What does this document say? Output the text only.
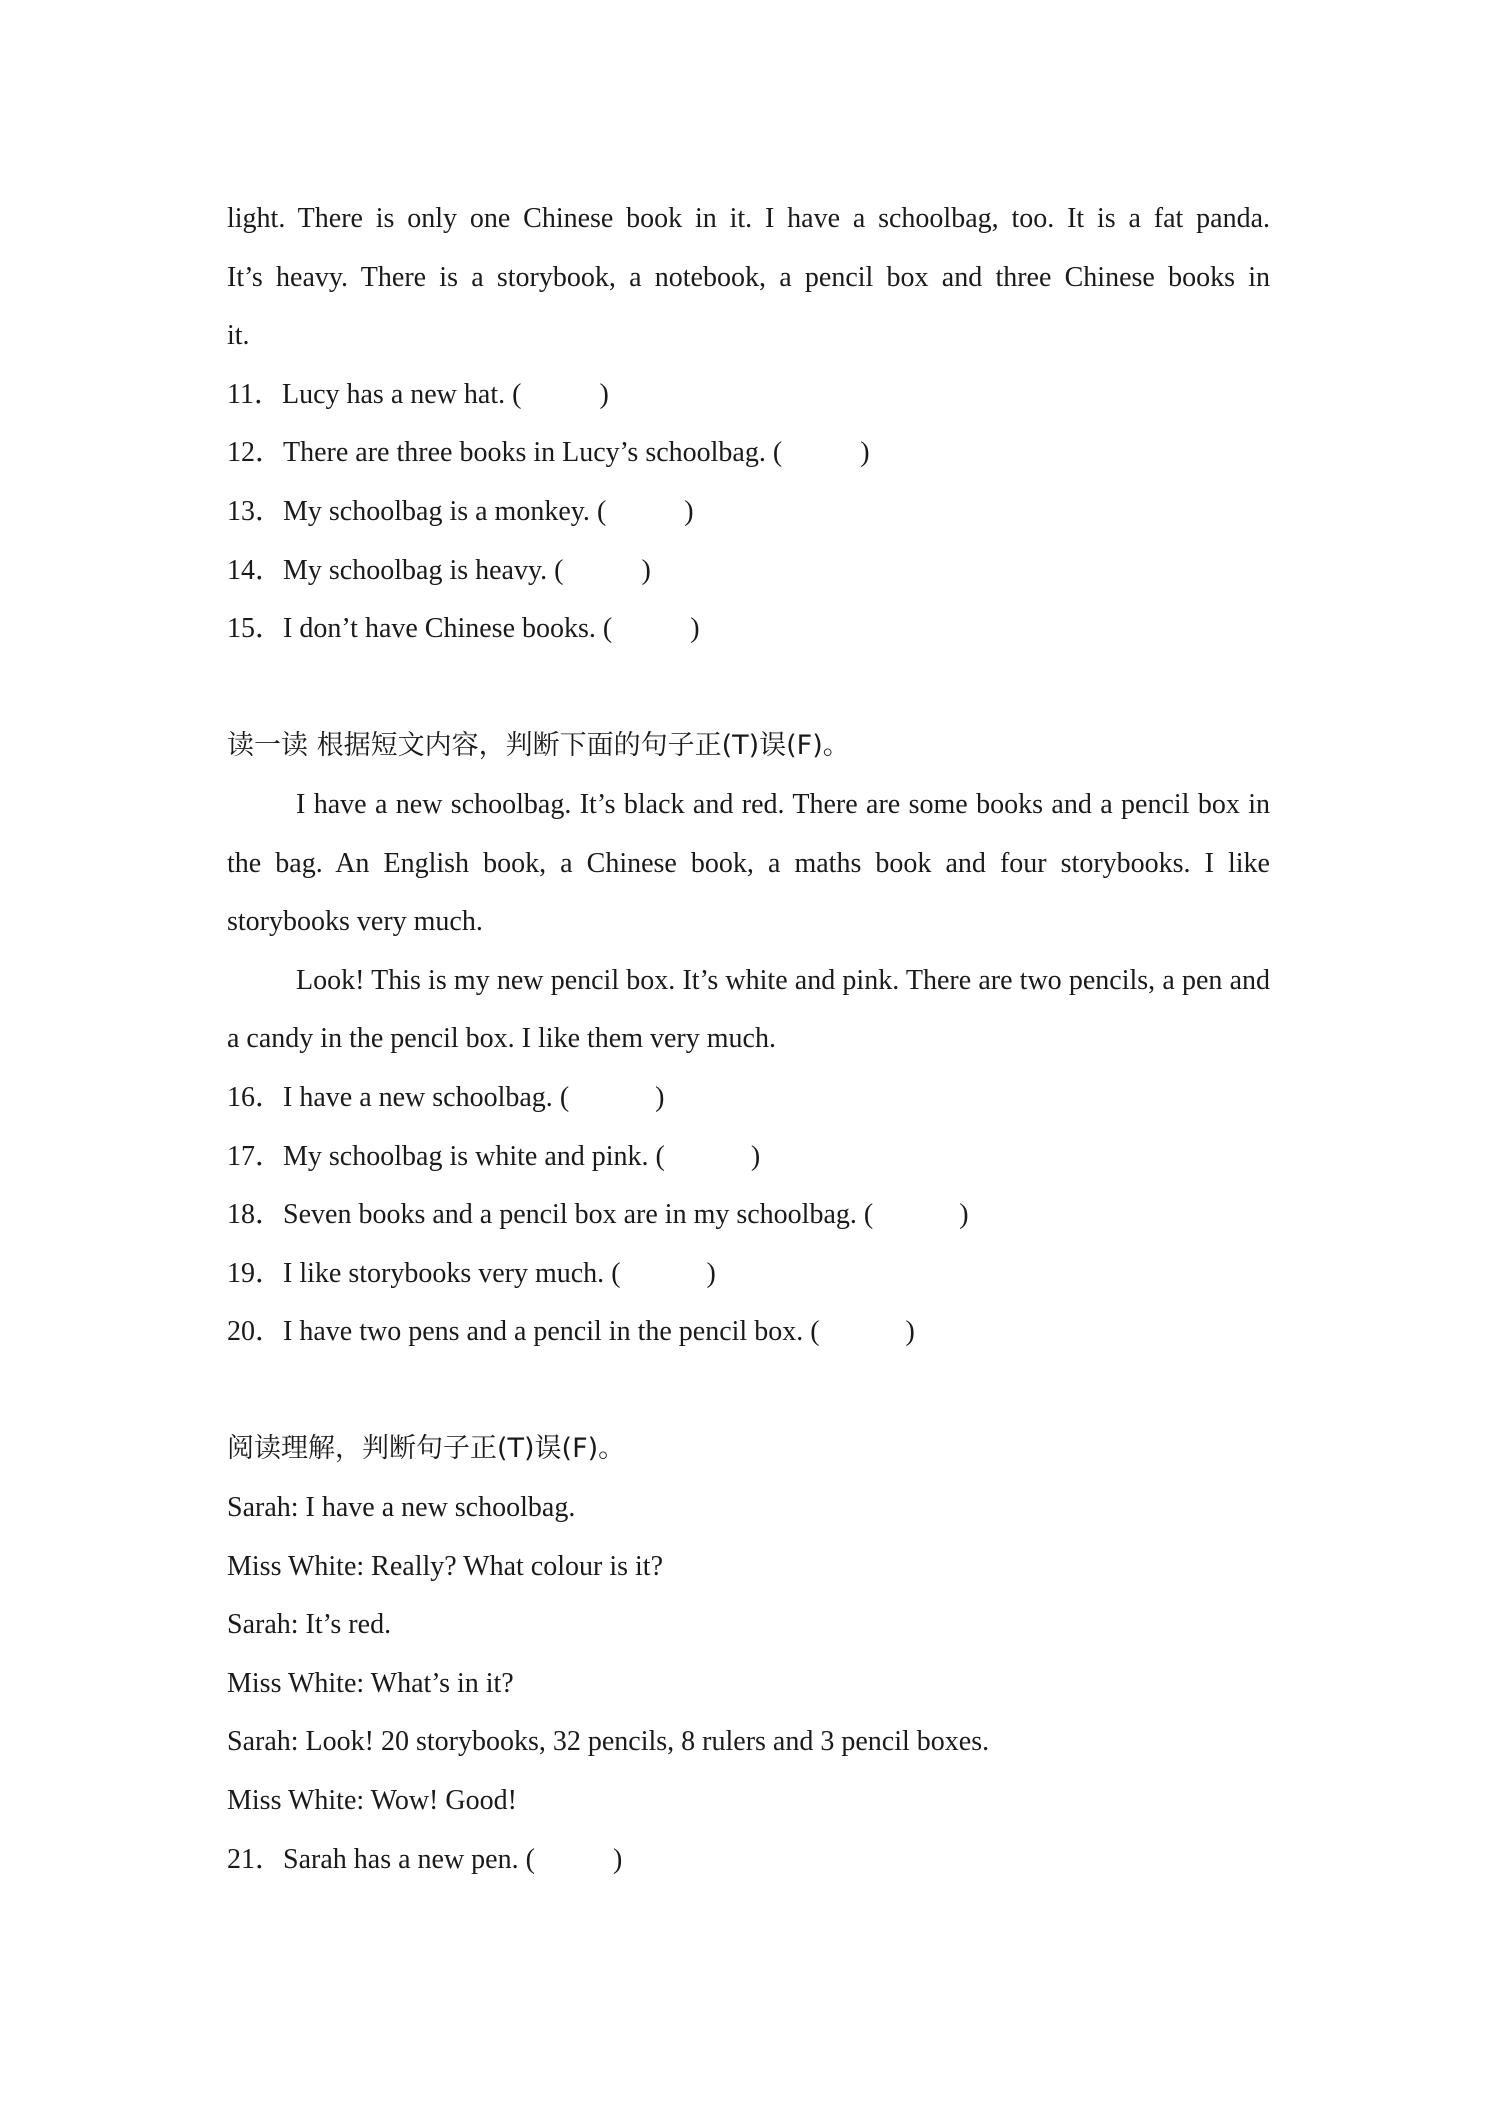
light. There is only one Chinese book in it. I have a schoolbag, too. It is a fat panda.
It’s heavy. There is a storybook, a notebook, a pencil box and three Chinese books in
it.
11．Lucy has a new hat. (	)
12．There are three books in Lucy’s schoolbag. (	)
13．My schoolbag is a monkey. (	)
14．My schoolbag is heavy. (	)
15．I don’t have Chinese books. (	)
读一读 根据短文内容，判断下面的句子正(T)误(F)。
I have a new schoolbag. It’s black and red. There are some books and a pencil box in the bag. An English book, a Chinese book, a maths book and four storybooks. I like storybooks very much.
Look! This is my new pencil box. It’s white and pink. There are two pencils, a pen and a candy in the pencil box. I like them very much.
16．I have a new schoolbag. (	)
17．My schoolbag is white and pink. (	)
18．Seven books and a pencil box are in my schoolbag. (	)
19．I like storybooks very much. (	)
20．I have two pens and a pencil in the pencil box. (	)
阅读理解，判断句子正(T)误(F)。
Sarah: I have a new schoolbag.
Miss White: Really? What colour is it?
Sarah: It’s red.
Miss White: What’s in it?
Sarah: Look! 20 storybooks, 32 pencils, 8 rulers and 3 pencil boxes.
Miss White: Wow! Good!
21．Sarah has a new pen. (	)
